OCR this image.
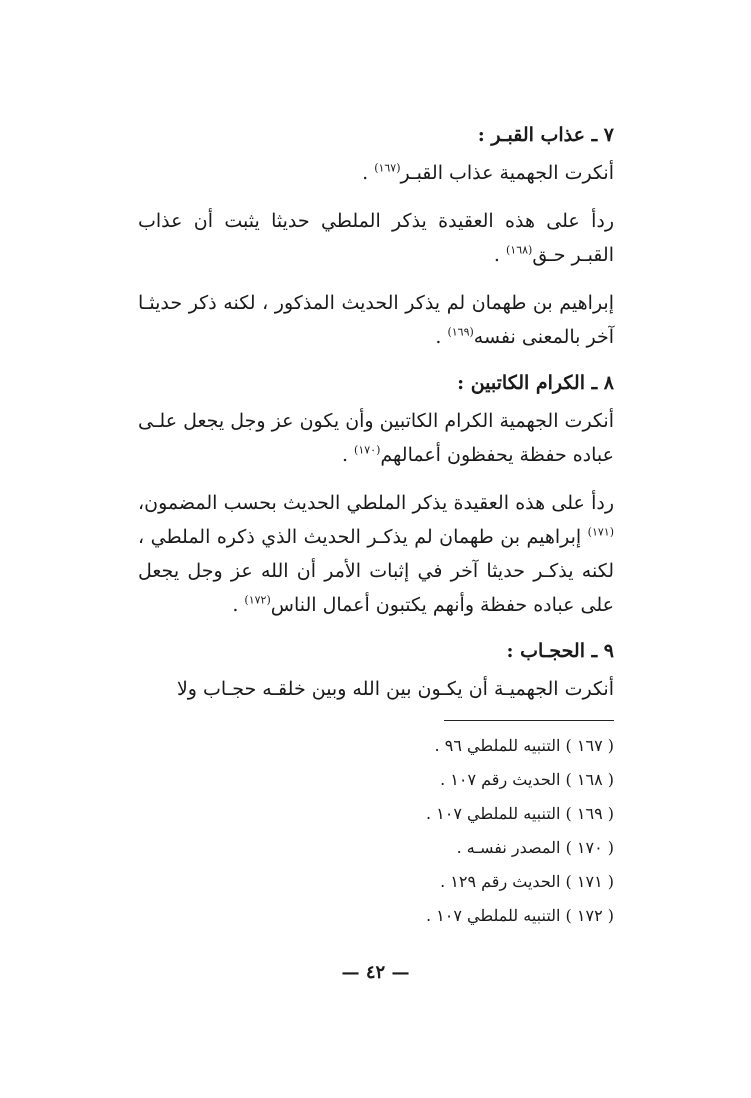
٧ ـ عذاب القبـر :

أنكرت الجهمية عذاب القبـر$^{(١٦٧)}$ .

ردأ على هذه العقيدة يذكر الملطي حديثا يثبت أن عذاب القبـر حـق$^{(١٦٨)}$ .

إبراهيم بن طهمان لم يذكر الحديث المذكور ، لكنه ذكر حديثـا آخر بالمعنى نفسه$^{(١٦٩)}$ .

٨ ـ الكرام الكاتبين :

أنكرت الجهمية الكرام الكاتبين وأن يكون عز وجل يجعل علـى عباده حفظة يحفظون أعمالهم$^{(١٧٠)}$ .

ردأ على هذه العقيدة يذكر الملطي الحديث بحسب المضمون،$^{(١٧١)}$ إبراهيم بن طهمان لم يذكـر الحديث الذي ذكره الملطي ، لكنه يذكـر حديثا آخر في إثبات الأمر أن الله عز وجل يجعل على عباده حفظة وأنهم يكتبون أعمال الناس$^{(١٧٢)}$ .

٩ ـ الحجـاب :

أنكرت الجهميـة أن يكـون بين الله وبين خلقـه حجـاب ولا

( ١٦٧ ) التنبيه للملطي ٩٦ .
( ١٦٨ ) الحديث رقم ١٠٧ .
( ١٦٩ ) التنبيه للملطي ١٠٧ .
( ١٧٠ ) المصدر نفسـه .
( ١٧١ ) الحديث رقم ١٢٩ .
( ١٧٢ ) التنبيه للملطي ١٠٧ .
— ٤٢ —
